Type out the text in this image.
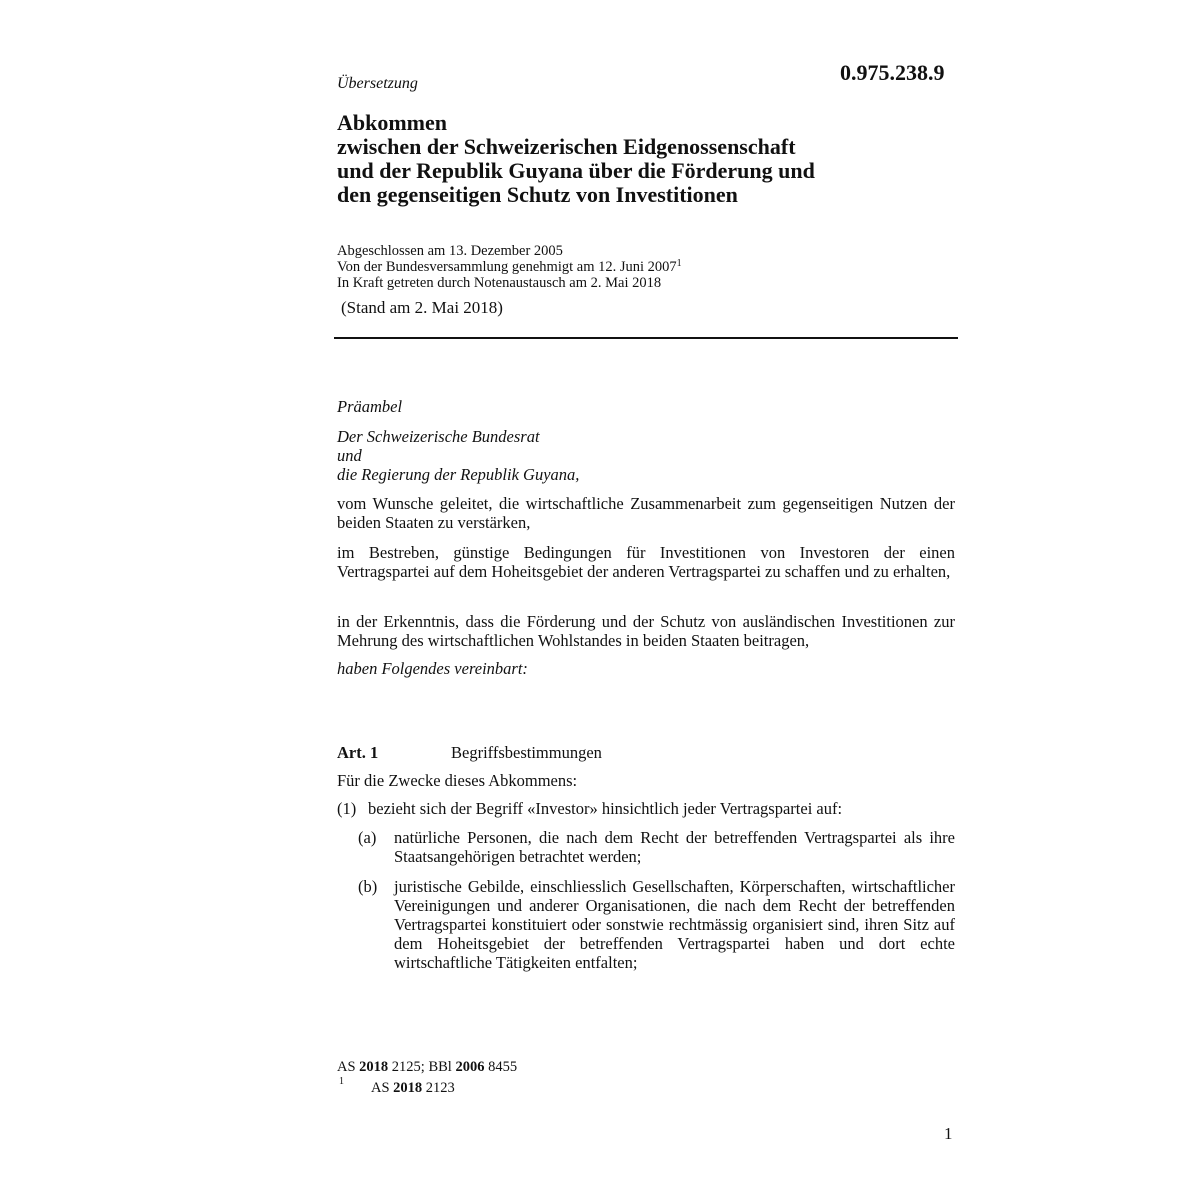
0.975.238.9
Übersetzung
Abkommen
zwischen der Schweizerischen Eidgenossenschaft
und der Republik Guyana über die Förderung und
den gegenseitigen Schutz von Investitionen
Abgeschlossen am 13. Dezember 2005
Von der Bundesversammlung genehmigt am 12. Juni 2007$^1$
In Kraft getreten durch Notenaustausch am 2. Mai 2018
(Stand am 2. Mai 2018)
Präambel
Der Schweizerische Bundesrat
und
die Regierung der Republik Guyana,
vom Wunsche geleitet, die wirtschaftliche Zusammenarbeit zum gegenseitigen Nutzen der beiden Staaten zu verstärken,
im Bestreben, günstige Bedingungen für Investitionen von Investoren der einen Vertragspartei auf dem Hoheitsgebiet der anderen Vertragspartei zu schaffen und zu erhalten,
in der Erkenntnis, dass die Förderung und der Schutz von ausländischen Investitionen zur Mehrung des wirtschaftlichen Wohlstandes in beiden Staaten beitragen,
haben Folgendes vereinbart:
Art. 1	Begriffsbestimmungen
Für die Zwecke dieses Abkommens:
(1) bezieht sich der Begriff «Investor» hinsichtlich jeder Vertragspartei auf:
(a) natürliche Personen, die nach dem Recht der betreffenden Vertragspartei als ihre Staatsangehörigen betrachtet werden;
(b) juristische Gebilde, einschliesslich Gesellschaften, Körperschaften, wirtschaftlicher Vereinigungen und anderer Organisationen, die nach dem Recht der betreffenden Vertragspartei konstituiert oder sonstwie rechtmässig organisiert sind, ihren Sitz auf dem Hoheitsgebiet der betreffenden Vertragspartei haben und dort echte wirtschaftliche Tätigkeiten entfalten;
AS 2018 2125; BBl 2006 8455
1 AS 2018 2123
1
